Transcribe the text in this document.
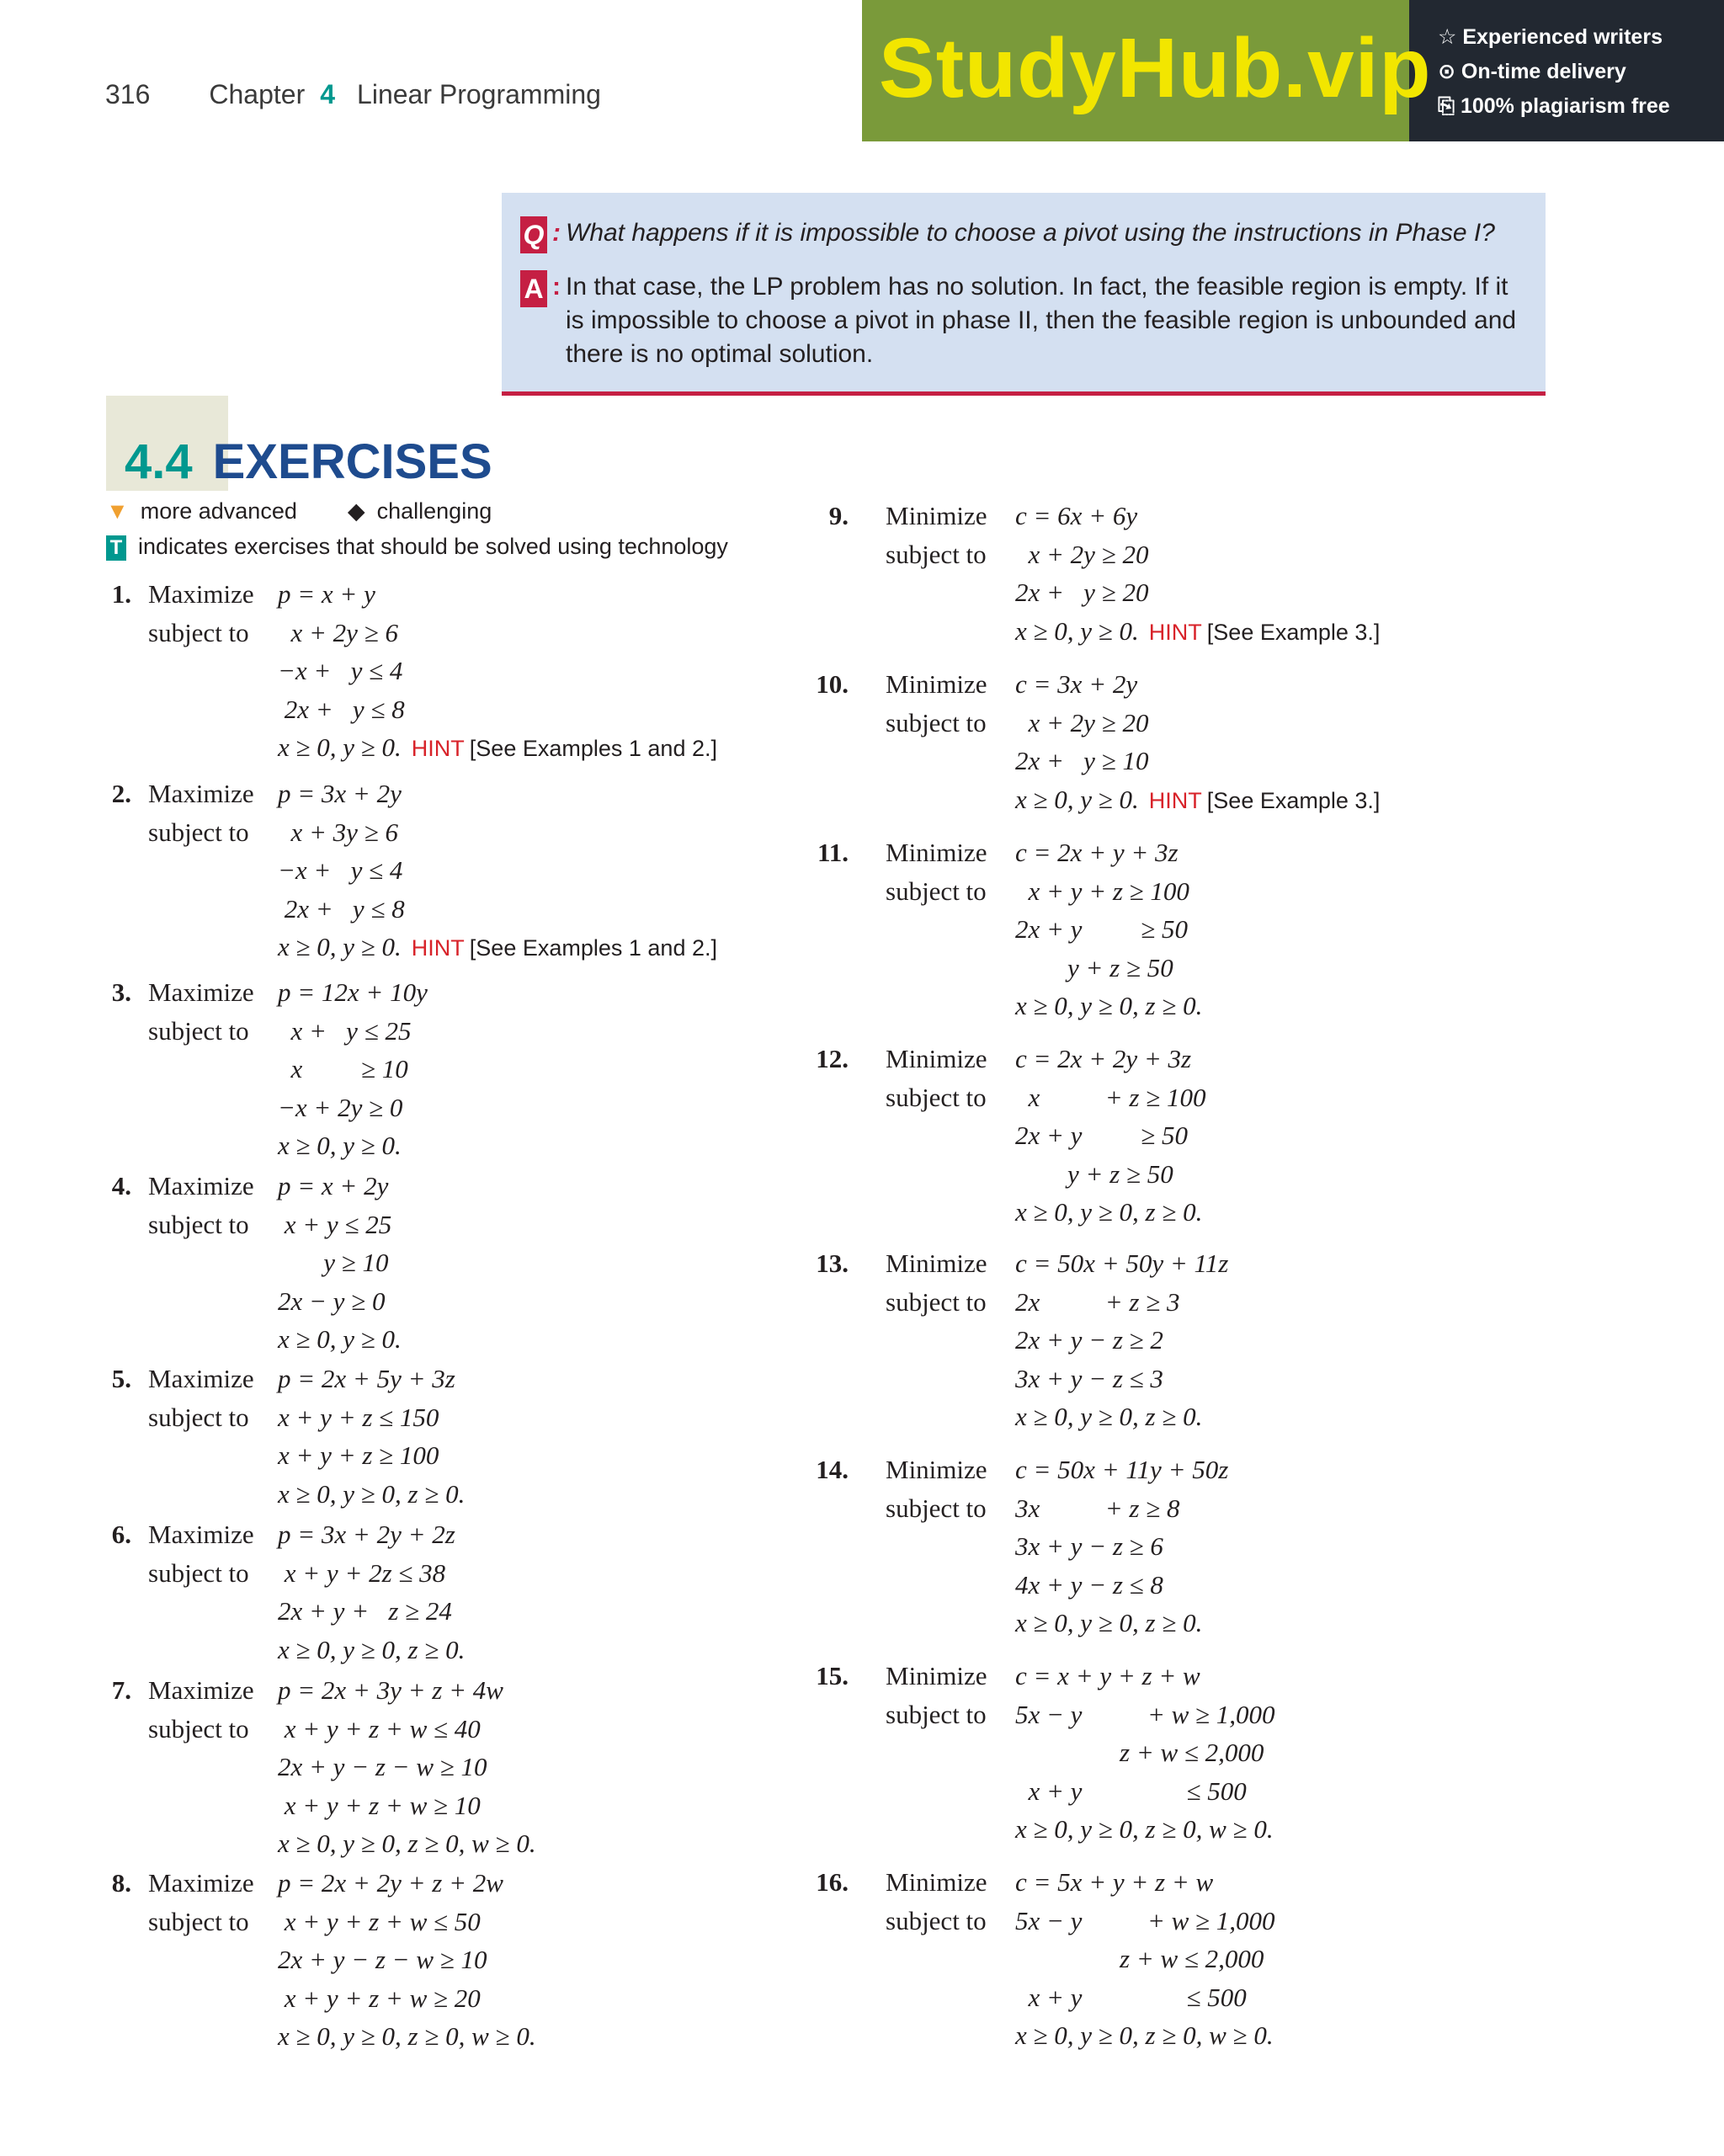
316 Chapter 4 Linear Programming	StudyHub.vip ☆ Experienced writers
⊙ On-time delivery
⎘ 100% plagiarism free
Q : What happens if it is impossible to choose a pivot using the instructions in Phase I?
A : In that case, the LP problem has no solution. In fact, the feasible region is empty. If it is impossible to choose a pivot in phase II, then the feasible region is unbounded and there is no optimal solution.
4.4 EXERCISES
▼ more advanced ◆ challenging
T indicates exercises that should be solved using technology
1. Maximize
subject to
p = x + y
x + 2y ≥ 6
−x +   y ≤ 4
2x +   y ≤ 8
x ≥ 0, y ≥ 0. HINT [See Examples 1 and 2.]
2. Maximize
subject to
p = 3x + 2y
x + 3y ≥ 6
−x +   y ≤ 4
2x +   y ≤ 8
x ≥ 0, y ≥ 0. HINT [See Examples 1 and 2.]
3. Maximize
subject to
p = 12x + 10y
x +   y ≤ 25
x         ≥ 10
−x + 2y ≥ 0
x ≥ 0, y ≥ 0.
4. Maximize
subject to
p = x + 2y
x + y ≤ 25
y ≥ 10
2x − y ≥ 0
x ≥ 0, y ≥ 0.
5. Maximize
subject to
p = 2x + 5y + 3z
x + y + z ≤ 150
x + y + z ≥ 100
x ≥ 0, y ≥ 0, z ≥ 0.
6. Maximize
subject to
p = 3x + 2y + 2z
x + y + 2z ≤ 38
2x + y +   z ≥ 24
x ≥ 0, y ≥ 0, z ≥ 0.
7. Maximize
subject to
p = 2x + 3y + z + 4w
x + y + z + w ≤ 40
2x + y − z − w ≥ 10
x + y + z + w ≥ 10
x ≥ 0, y ≥ 0, z ≥ 0, w ≥ 0.
8. Maximize
subject to
p = 2x + 2y + z + 2w
x + y + z + w ≤ 50
2x + y − z − w ≥ 10
x + y + z + w ≥ 20
x ≥ 0, y ≥ 0, z ≥ 0, w ≥ 0.
9. Minimize
subject to
c = 6x + 6y
x + 2y ≥ 20
2x +   y ≥ 20
x ≥ 0, y ≥ 0. HINT [See Example 3.]
10. Minimize
subject to
c = 3x + 2y
x + 2y ≥ 20
2x +   y ≥ 10
x ≥ 0, y ≥ 0. HINT [See Example 3.]
11. Minimize
subject to
c = 2x + y + 3z
x + y + z ≥ 100
2x + y         ≥ 50
y + z ≥ 50
x ≥ 0, y ≥ 0, z ≥ 0.
12. Minimize
subject to
c = 2x + 2y + 3z
x          + z ≥ 100
2x + y         ≥ 50
y + z ≥ 50
x ≥ 0, y ≥ 0, z ≥ 0.
13. Minimize
subject to
c = 50x + 50y + 11z
2x          + z ≥ 3
2x + y − z ≥ 2
3x + y − z ≤ 3
x ≥ 0, y ≥ 0, z ≥ 0.
14. Minimize
subject to
c = 50x + 11y + 50z
3x          + z ≥ 8
3x + y − z ≥ 6
4x + y − z ≤ 8
x ≥ 0, y ≥ 0, z ≥ 0.
15. Minimize
subject to
c = x + y + z + w
5x − y          + w ≥ 1,000
z + w ≤ 2,000
x + y                ≤ 500
x ≥ 0, y ≥ 0, z ≥ 0, w ≥ 0.
16. Minimize
subject to
c = 5x + y + z + w
5x − y          + w ≥ 1,000
z + w ≤ 2,000
x + y                ≤ 500
x ≥ 0, y ≥ 0, z ≥ 0, w ≥ 0.
